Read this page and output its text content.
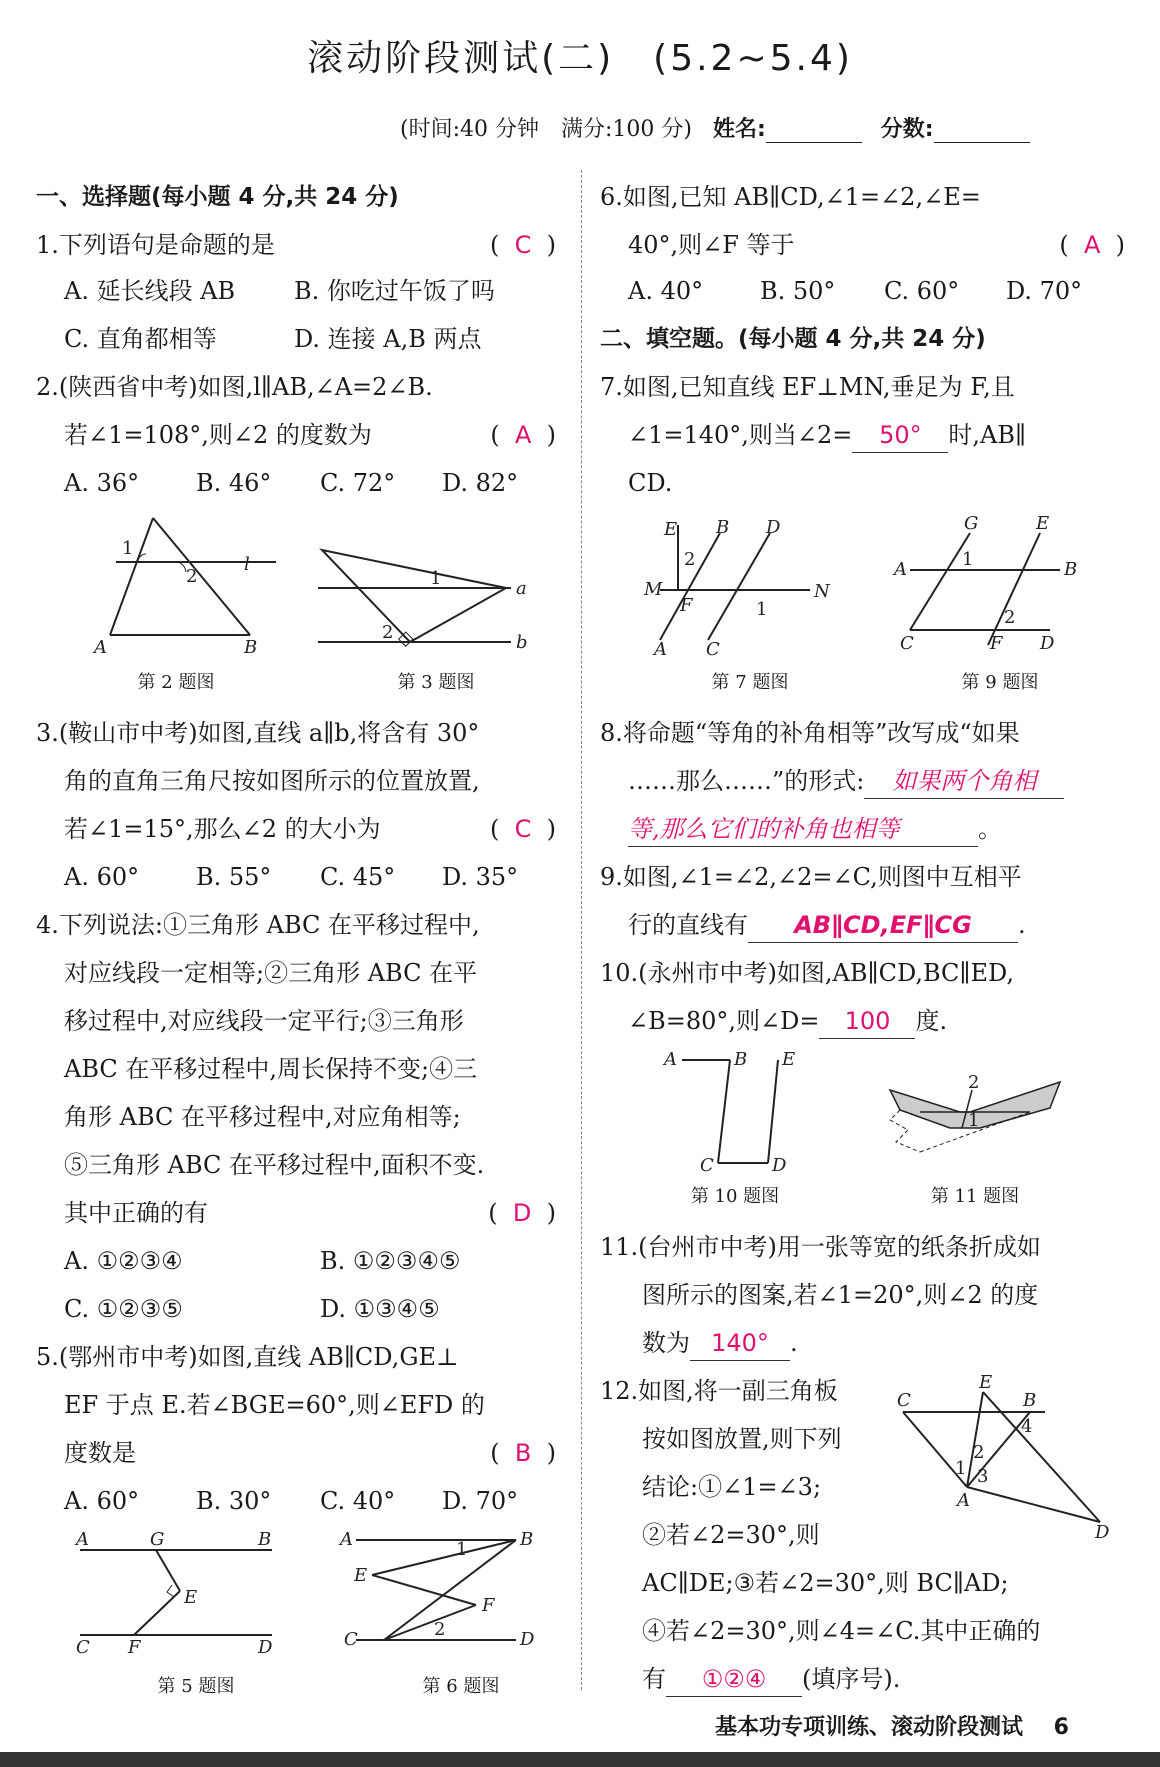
滚动阶段测试(二)　(5.2~5.4)
(时间:40 分钟　满分:100 分) 姓名:	分数:
一、选择题(每小题 4 分,共 24 分)
1.下列语句是命题的是	(  C  )
A. 延长线段 AB B. 你吃过午饭了吗
C. 直角都相等	D. 连接 A,B 两点
2.(陕西省中考)如图,l∥AB,∠A=2∠B.
若∠1=108°,则∠2 的度数为	(  A  )
A. 36° B. 46° C. 72° D. 82°
1
2
l
A	B
第 2 题图
1
2
a
b
第 3 题图
3.(鞍山市中考)如图,直线 a∥b,将含有 30°
角的直角三角尺按如图所示的位置放置,
若∠1=15°,那么∠2 的大小为	(  C  )
A. 60° B. 55° C. 45° D. 35°
4.下列说法:①三角形 ABC 在平移过程中,
对应线段一定相等;②三角形 ABC 在平
移过程中,对应线段一定平行;③三角形
ABC 在平移过程中,周长保持不变;④三
角形 ABC 在平移过程中,对应角相等;
⑤三角形 ABC 在平移过程中,面积不变.
其中正确的有	(  D  )
A. ①②③④	B. ①②③④⑤
C. ①②③⑤	D. ①③④⑤
5.(鄂州市中考)如图,直线 AB∥CD,GE⊥
EF 于点 E.若∠BGE=60°,则∠EFD 的
度数是	(  B  )
A. 60° B. 30° C. 40° D. 70°
A	G	B
E
C F	D
第 5 题图
A	B
1
E
F
C	2	D
第 6 题图
6.如图,已知 AB∥CD,∠1=∠2,∠E=
40°,则∠F 等于	(  A  )
A. 40° B. 50° C. 60° D. 70°
二、填空题。(每小题 4 分,共 24 分)
7.如图,已知直线 EF⊥MN,垂足为 F,且
∠1=140°,则当∠2= 50° 时,AB∥
CD.
E B D
2
M	N
F	1
A C
第 7 题图
G	E
A	1	B
2
C	F D
第 9 题图
8.将命题“等角的补角相等”改写成“如果
……那么……”的形式: 如果两个角相
等,那么它们的补角也相等	。
9.如图,∠1=∠2,∠2=∠C,则图中互相平
行的直线有 AB∥CD,EF∥CG .
10.(永州市中考)如图,AB∥CD,BC∥ED,
∠B=80°,则∠D= 100 度.
A	B E
C	D
第 10 题图
2
1
第 11 题图
11.(台州市中考)用一张等宽的纸条折成如
图所示的图案,若∠1=20°,则∠2 的度
数为 140° .
12.如图,将一副三角板
按如图放置,则下列
结论:①∠1=∠3;
②若∠2=30°,则
AC∥DE;③若∠2=30°,则 BC∥AD;
④若∠2=30°,则∠4=∠C.其中正确的
有 ①②④ (填序号).
E
C	B
4
1
2
3
A
D
基本功专项训练、滚动阶段测试 6
